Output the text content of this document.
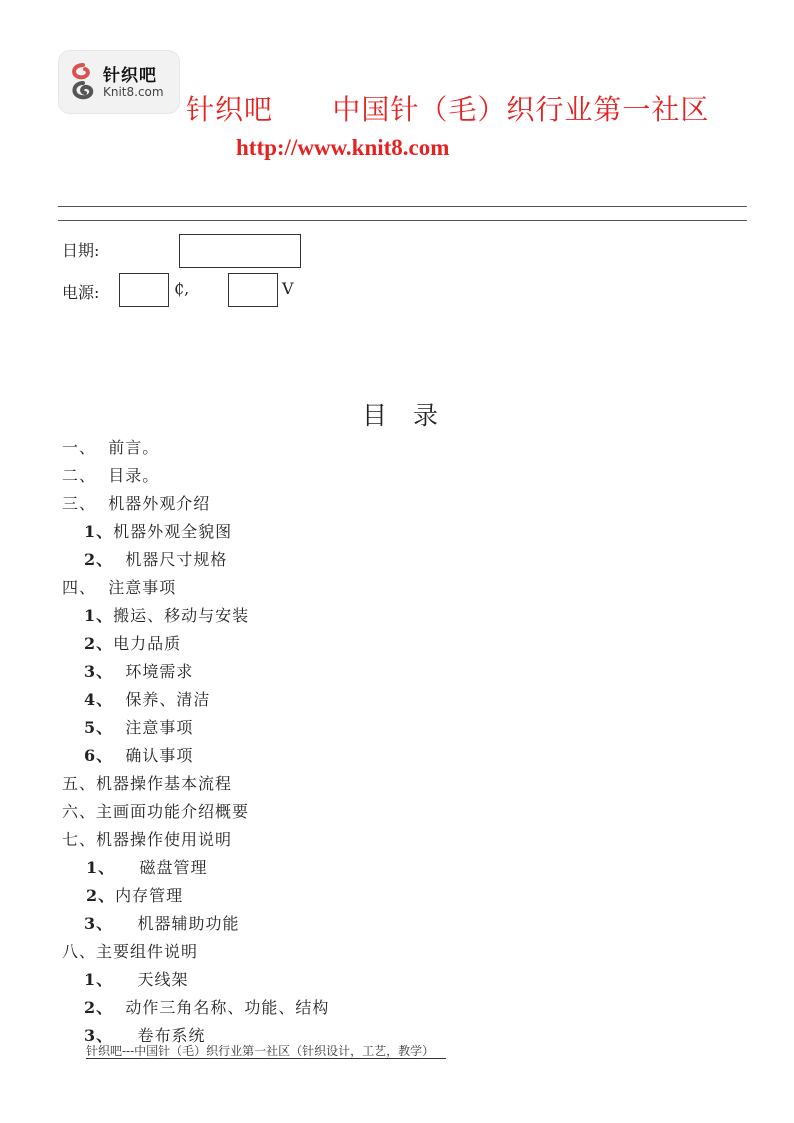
针织吧
Knit8.com
针织吧      中国针（毛）织行业第一社区
http://www.knit8.com
日期:
电源:	₵,	V
目录
一、  前言。
二、  目录。
三、  机器外观介绍
1、机器外观全貌图
2、  机器尺寸规格
四、  注意事项
1、搬运、移动与安装
2、电力品质
3、  环境需求
4、  保养、清洁
5、  注意事项
6、  确认事项
五、机器操作基本流程
六、主画面功能介绍概要
七、机器操作使用说明
1、    磁盘管理
2、内存管理
3、    机器辅助功能
八、主要组件说明
1、    天线架
2、  动作三角名称、功能、结构
3、    卷布系统
针织吧---中国针（毛）织行业第一社区（针织设计，工艺，教学）
